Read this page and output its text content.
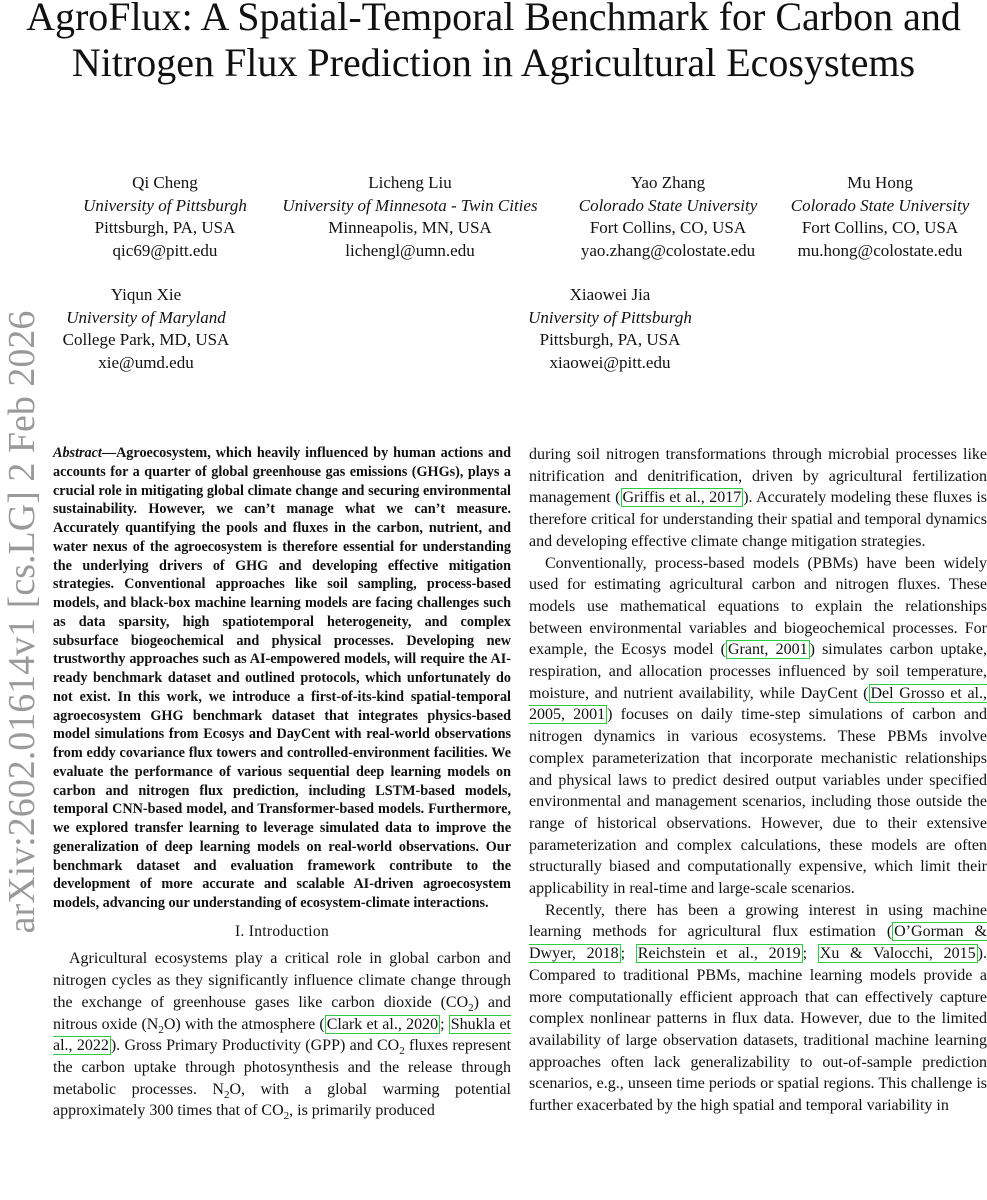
arXiv:2602.01614v1 [cs.LG] 2 Feb 2026
AgroFlux: A Spatial-Temporal Benchmark for Carbon and Nitrogen Flux Prediction in Agricultural Ecosystems
Qi Cheng
University of Pittsburgh
Pittsburgh, PA, USA
qic69@pitt.edu
Licheng Liu
University of Minnesota - Twin Cities
Minneapolis, MN, USA
lichengl@umn.edu
Yao Zhang
Colorado State University
Fort Collins, CO, USA
yao.zhang@colostate.edu
Mu Hong
Colorado State University
Fort Collins, CO, USA
mu.hong@colostate.edu
Yiqun Xie
University of Maryland
College Park, MD, USA
xie@umd.edu
Xiaowei Jia
University of Pittsburgh
Pittsburgh, PA, USA
xiaowei@pitt.edu
Abstract—Agroecosystem, which heavily influenced by human actions and accounts for a quarter of global greenhouse gas emissions (GHGs), plays a crucial role in mitigating global climate change and securing environmental sustainability. However, we can’t manage what we can’t measure. Accurately quantifying the pools and fluxes in the carbon, nutrient, and water nexus of the agroecosystem is therefore essential for understanding the underlying drivers of GHG and developing effective mitigation strategies. Conventional approaches like soil sampling, process-based models, and black-box machine learning models are facing challenges such as data sparsity, high spatiotemporal heterogeneity, and complex subsurface biogeochemical and physical processes. Developing new trustworthy approaches such as AI-empowered models, will require the AI-ready benchmark dataset and outlined protocols, which unfortunately do not exist. In this work, we introduce a first-of-its-kind spatial-temporal agroecosystem GHG benchmark dataset that integrates physics-based model simulations from Ecosys and DayCent with real-world observations from eddy covariance flux towers and controlled-environment facilities. We evaluate the performance of various sequential deep learning models on carbon and nitrogen flux prediction, including LSTM-based models, temporal CNN-based model, and Transformer-based models. Furthermore, we explored transfer learning to leverage simulated data to improve the generalization of deep learning models on real-world observations. Our benchmark dataset and evaluation framework contribute to the development of more accurate and scalable AI-driven agroecosystem models, advancing our understanding of ecosystem-climate interactions.
I. Introduction

Agricultural ecosystems play a critical role in global carbon and nitrogen cycles as they significantly influence climate change through the exchange of greenhouse gases like carbon dioxide $(CO_2)$ and nitrous oxide $(N_2O)$ with the atmosphere ( Clark et al., 2020 ; Shukla et al., 2022 ). Gross Primary Productivity (GPP) and $CO_2$ fluxes represent the carbon uptake through photosynthesis and the release through metabolic processes. $N_2O$, with a global warming potential approximately 300 times that of $CO_2$, is primarily produced

during soil nitrogen transformations through microbial processes like nitrification and denitrification, driven by agricultural fertilization management ( Griffis et al., 2017 ). Accurately modeling these fluxes is therefore critical for understanding their spatial and temporal dynamics and developing effective climate change mitigation strategies.

Conventionally, process-based models (PBMs) have been widely used for estimating agricultural carbon and nitrogen fluxes. These models use mathematical equations to explain the relationships between environmental variables and biogeochemical processes. For example, the Ecosys model ( Grant, 2001 ) simulates carbon uptake, respiration, and allocation processes influenced by soil temperature, moisture, and nutrient availability, while DayCent ( Del Grosso et al., 2005, 2001 ) focuses on daily time-step simulations of carbon and nitrogen dynamics in various ecosystems. These PBMs involve complex parameterization that incorporate mechanistic relationships and physical laws to predict desired output variables under specified environmental and management scenarios, including those outside the range of historical observations. However, due to their extensive parameterization and complex calculations, these models are often structurally biased and computationally expensive, which limit their applicability in real-time and large-scale scenarios.

Recently, there has been a growing interest in using machine learning methods for agricultural flux estimation ( O’Gorman & Dwyer, 2018 ; Reichstein et al., 2019 ; Xu & Valocchi, 2015 ). Compared to traditional PBMs, machine learning models provide a more computationally efficient approach that can effectively capture complex nonlinear patterns in flux data. However, due to the limited availability of large observation datasets, traditional machine learning approaches often lack generalizability to out-of-sample prediction scenarios, e.g., unseen time periods or spatial regions. This challenge is further exacerbated by the high spatial and temporal variability in
